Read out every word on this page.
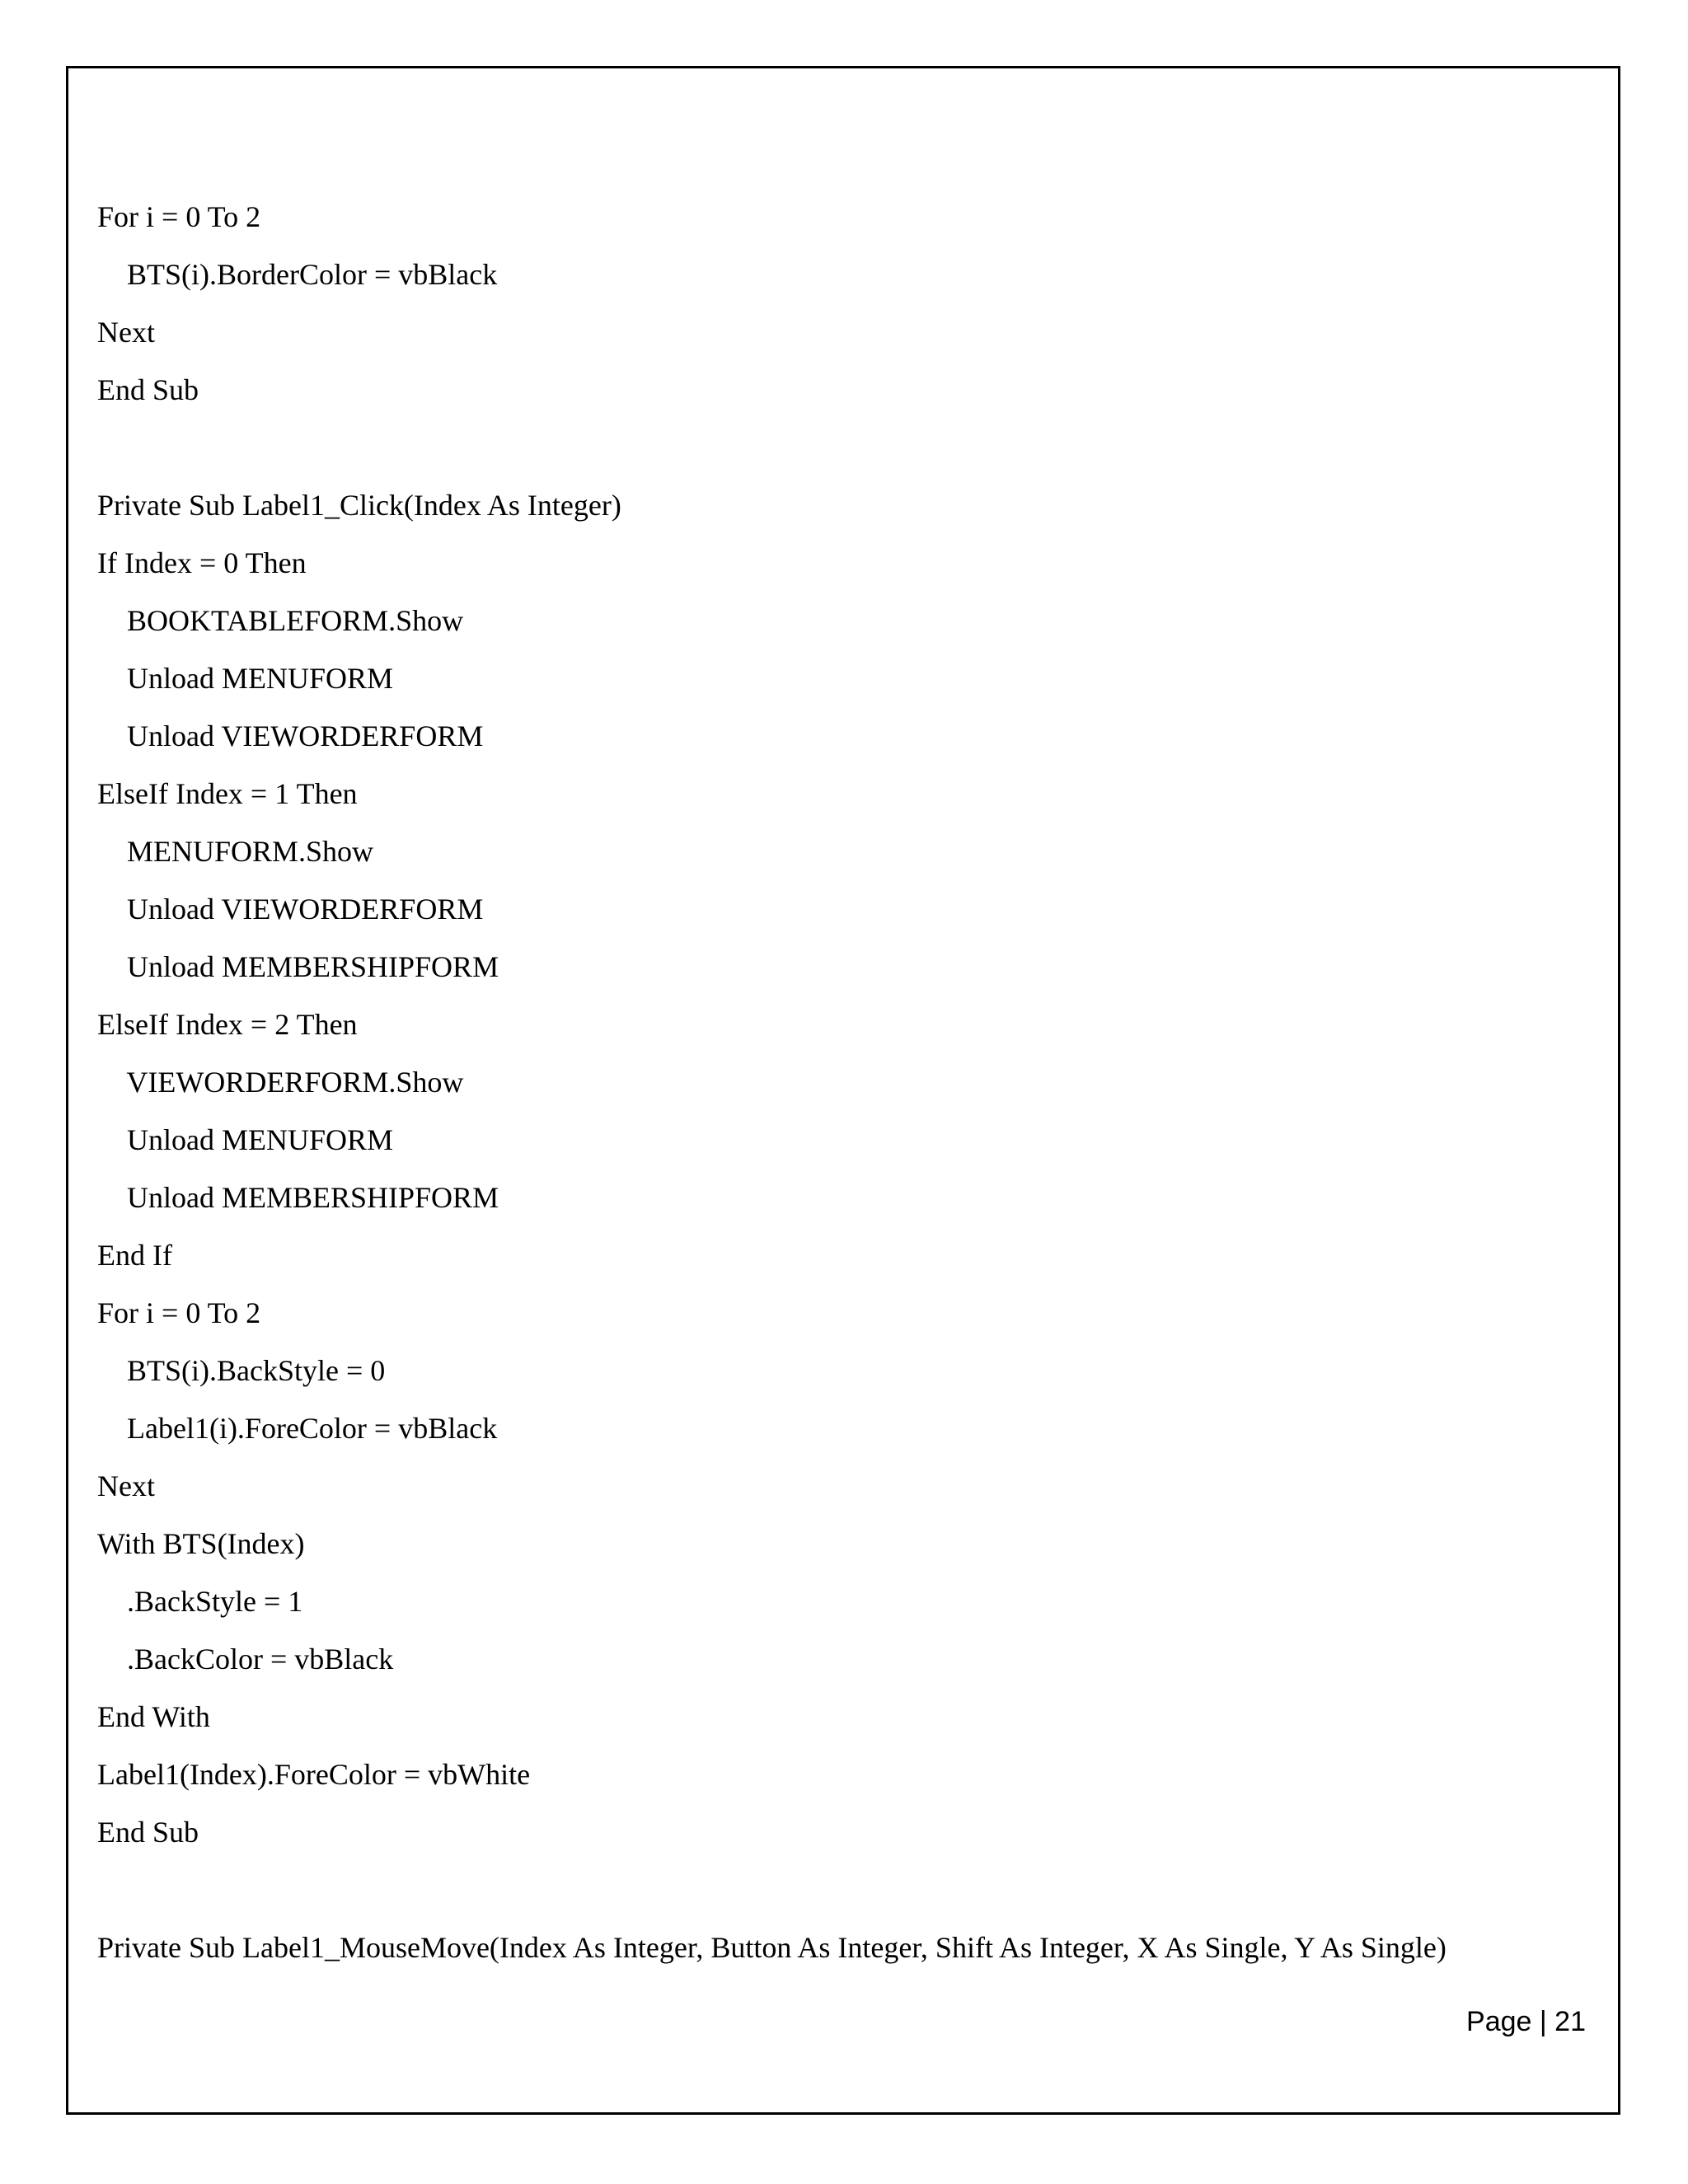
For i = 0 To 2
BTS(i).BorderColor = vbBlack
Next
End Sub
Private Sub Label1_Click(Index As Integer)
If Index = 0 Then
BOOKTABLEFORM.Show
Unload MENUFORM
Unload VIEWORDERFORM
ElseIf Index = 1 Then
MENUFORM.Show
Unload VIEWORDERFORM
Unload MEMBERSHIPFORM
ElseIf Index = 2 Then
VIEWORDERFORM.Show
Unload MENUFORM
Unload MEMBERSHIPFORM
End If
For i = 0 To 2
BTS(i).BackStyle = 0
Label1(i).ForeColor = vbBlack
Next
With BTS(Index)
.BackStyle = 1
.BackColor = vbBlack
End With
Label1(Index).ForeColor = vbWhite
End Sub
Private Sub Label1_MouseMove(Index As Integer, Button As Integer, Shift As Integer, X As Single, Y As Single)
Page | 21
